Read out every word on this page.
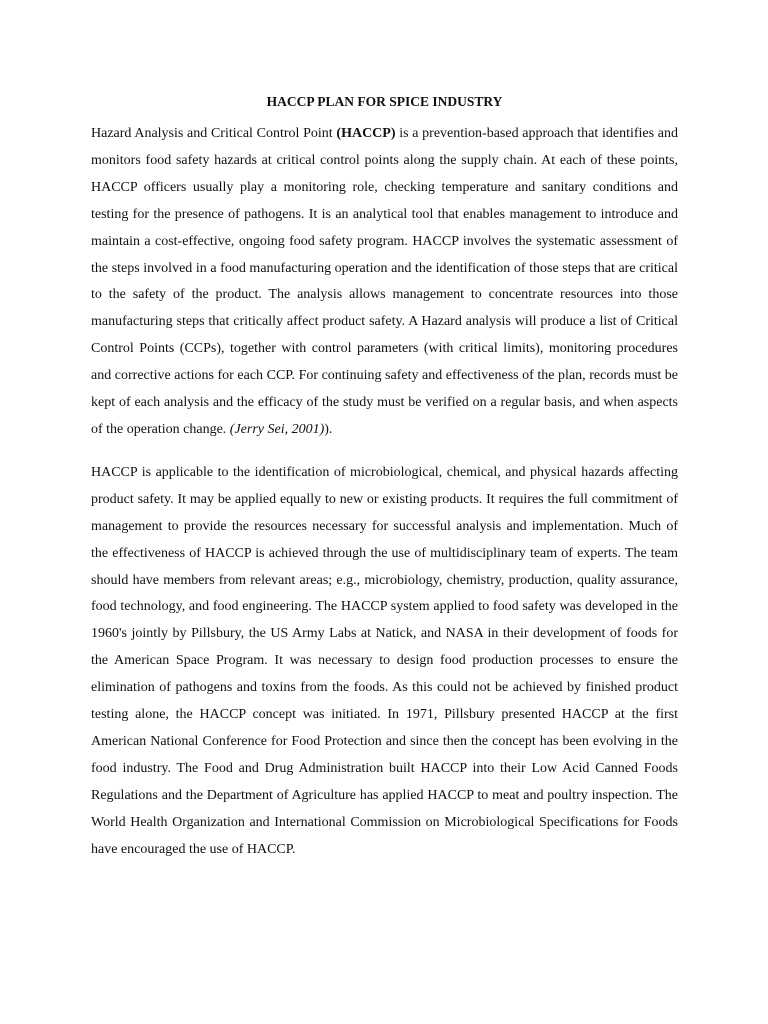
HACCP PLAN FOR SPICE INDUSTRY

Hazard Analysis and Critical Control Point (HACCP) is a prevention-based approach that identifies and monitors food safety hazards at critical control points along the supply chain. At each of these points, HACCP officers usually play a monitoring role, checking temperature and sanitary conditions and testing for the presence of pathogens. It is an analytical tool that enables management to introduce and maintain a cost-effective, ongoing food safety program. HACCP involves the systematic assessment of the steps involved in a food manufacturing operation and the identification of those steps that are critical to the safety of the product. The analysis allows management to concentrate resources into those manufacturing steps that critically affect product safety. A Hazard analysis will produce a list of Critical Control Points (CCPs), together with control parameters (with critical limits), monitoring procedures and corrective actions for each CCP. For continuing safety and effectiveness of the plan, records must be kept of each analysis and the efficacy of the study must be verified on a regular basis, and when aspects of the operation change. (Jerry Sei, 2001)).

HACCP is applicable to the identification of microbiological, chemical, and physical hazards affecting product safety. It may be applied equally to new or existing products. It requires the full commitment of management to provide the resources necessary for successful analysis and implementation. Much of the effectiveness of HACCP is achieved through the use of multidisciplinary team of experts. The team should have members from relevant areas; e.g., microbiology, chemistry, production, quality assurance, food technology, and food engineering. The HACCP system applied to food safety was developed in the 1960's jointly by Pillsbury, the US Army Labs at Natick, and NASA in their development of foods for the American Space Program. It was necessary to design food production processes to ensure the elimination of pathogens and toxins from the foods. As this could not be achieved by finished product testing alone, the HACCP concept was initiated. In 1971, Pillsbury presented HACCP at the first American National Conference for Food Protection and since then the concept has been evolving in the food industry. The Food and Drug Administration built HACCP into their Low Acid Canned Foods Regulations and the Department of Agriculture has applied HACCP to meat and poultry inspection. The World Health Organization and International Commission on Microbiological Specifications for Foods have encouraged the use of HACCP.
